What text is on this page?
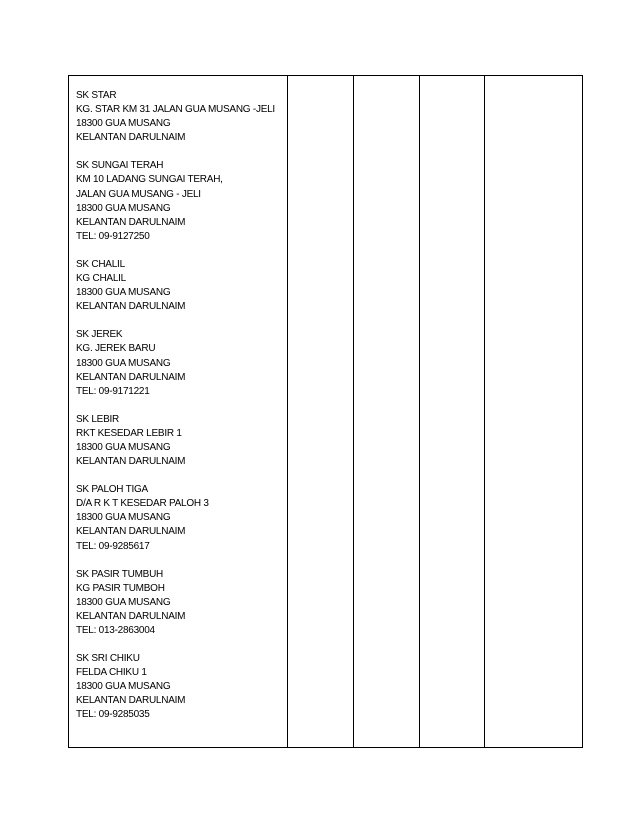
SK STAR
KG. STAR KM 31 JALAN GUA MUSANG -JELI
18300 GUA MUSANG
KELANTAN DARULNAIM
SK SUNGAI TERAH
KM 10 LADANG SUNGAI TERAH,
JALAN GUA MUSANG - JELI
18300 GUA MUSANG
KELANTAN DARULNAIM
TEL: 09-9127250
SK CHALIL
KG CHALIL
18300 GUA MUSANG
KELANTAN DARULNAIM
SK JEREK
KG. JEREK BARU
18300 GUA MUSANG
KELANTAN DARULNAIM
TEL: 09-9171221
SK LEBIR
RKT KESEDAR LEBIR 1
18300 GUA MUSANG
KELANTAN DARULNAIM
SK PALOH TIGA
D/A R K T KESEDAR PALOH 3
18300 GUA MUSANG
KELANTAN DARULNAIM
TEL: 09-9285617
SK PASIR TUMBUH
KG PASIR TUMBOH
18300 GUA MUSANG
KELANTAN DARULNAIM
TEL: 013-2863004
SK SRI CHIKU
FELDA CHIKU 1
18300 GUA MUSANG
KELANTAN DARULNAIM
TEL: 09-9285035
